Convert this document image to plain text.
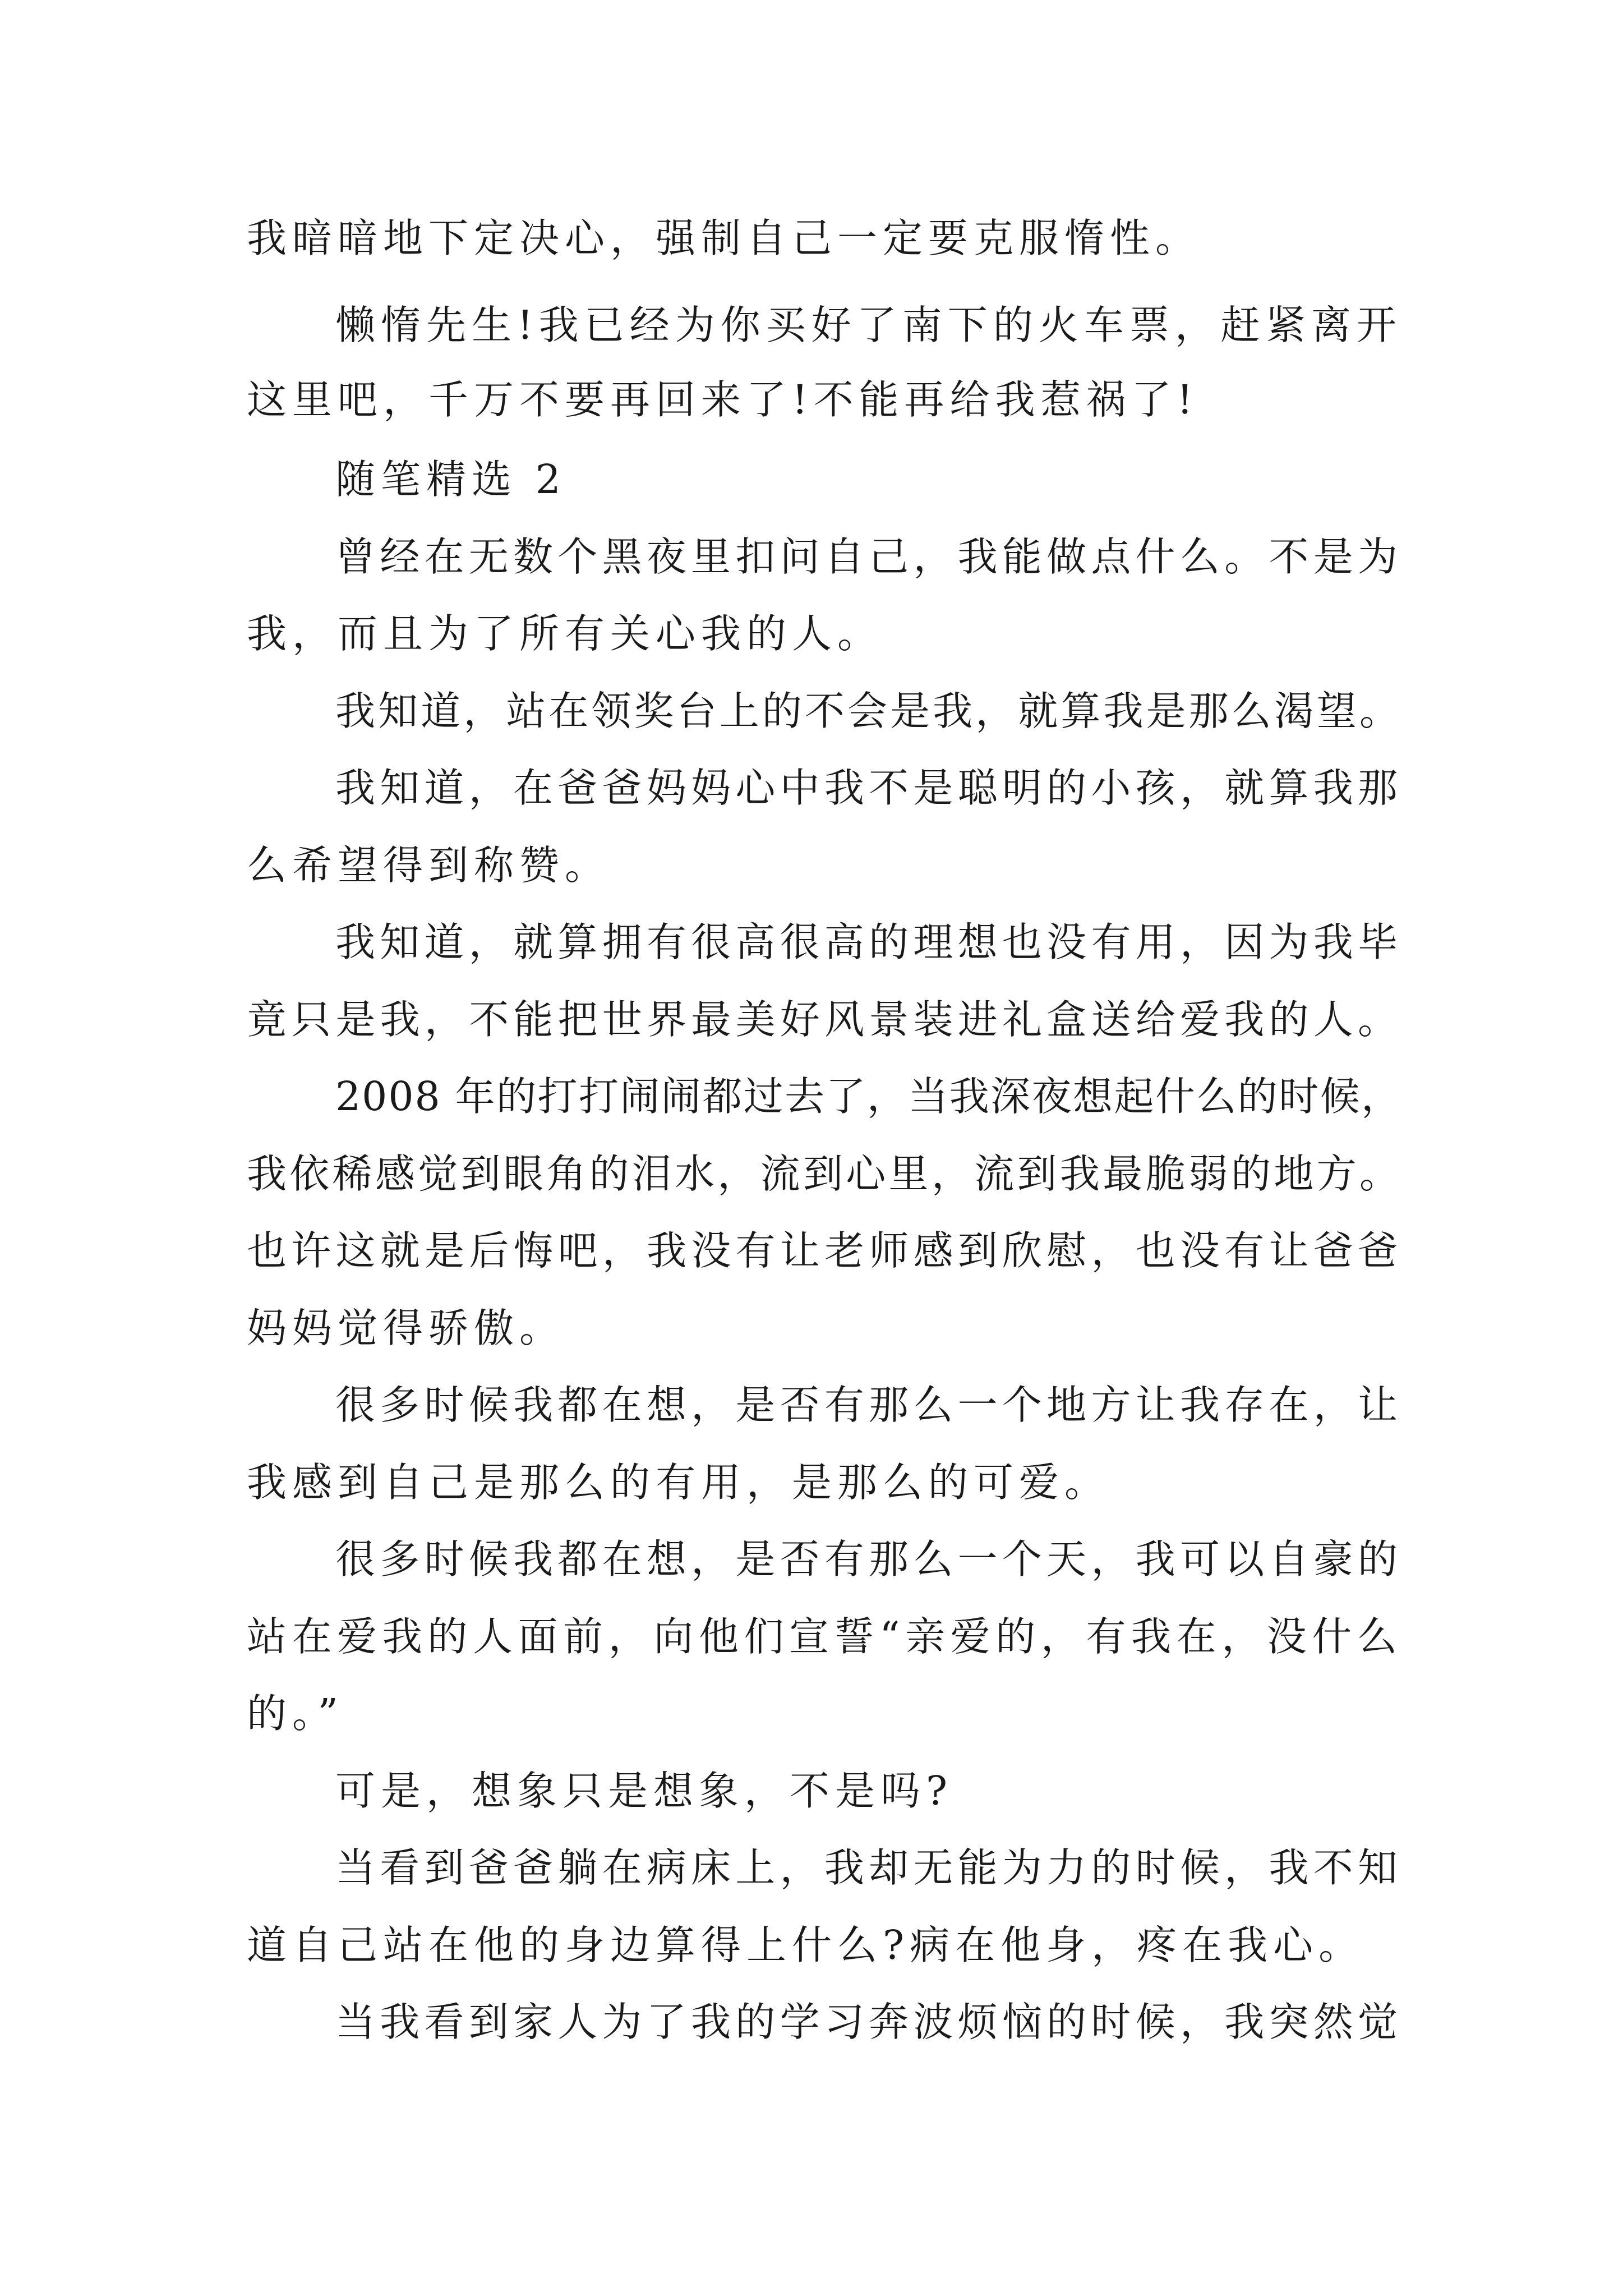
我暗暗地下定决心，强制自己一定要克服惰性。
懒惰先生!我已经为你买好了南下的火车票，赶紧离开
这里吧，千万不要再回来了!不能再给我惹祸了!
随笔精选 2
曾经在无数个黑夜里扣问自己，我能做点什么。不是为
我，而且为了所有关心我的人。
我知道，站在领奖台上的不会是我，就算我是那么渴望。
我知道，在爸爸妈妈心中我不是聪明的小孩，就算我那
么希望得到称赞。
我知道，就算拥有很高很高的理想也没有用，因为我毕
竟只是我，不能把世界最美好风景装进礼盒送给爱我的人。
2008 年的打打闹闹都过去了，当我深夜想起什么的时候，
我依稀感觉到眼角的泪水，流到心里，流到我最脆弱的地方。
也许这就是后悔吧，我没有让老师感到欣慰，也没有让爸爸
妈妈觉得骄傲。
很多时候我都在想，是否有那么一个地方让我存在，让
我感到自己是那么的有用，是那么的可爱。
很多时候我都在想，是否有那么一个天，我可以自豪的
站在爱我的人面前，向他们宣誓“亲爱的，有我在，没什么
的。”
可是，想象只是想象，不是吗?
当看到爸爸躺在病床上，我却无能为力的时候，我不知
道自己站在他的身边算得上什么?病在他身，疼在我心。
当我看到家人为了我的学习奔波烦恼的时候，我突然觉
